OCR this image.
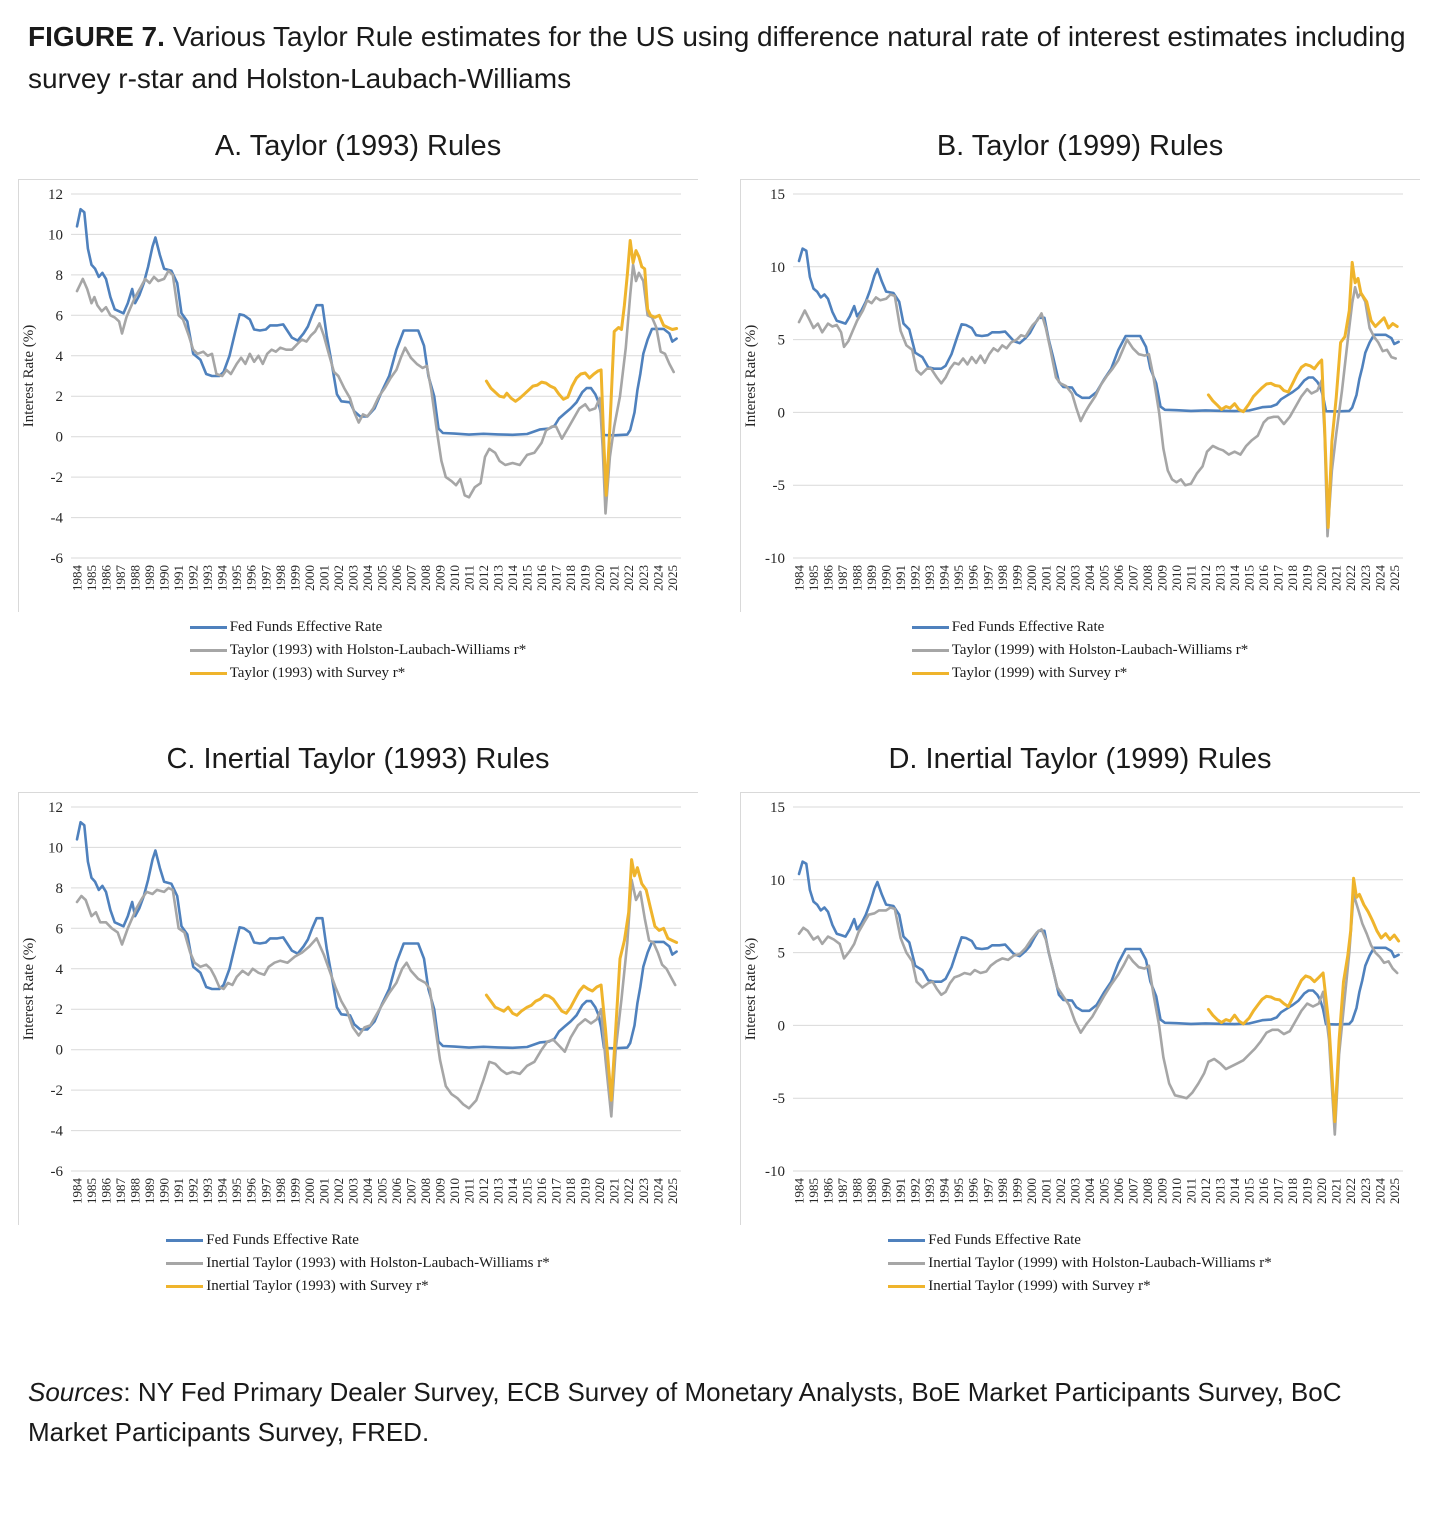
FIGURE 7. Various Taylor Rule estimates for the US using difference natural rate of interest estimates including survey r-star and Holston-Laubach-Williams

A. Taylor (1993) Rules
-6
-4
-2
0
2
4
6
8
10
12
1984 1985 1986 1987 1988 1989 1990 1991 1992 1993 1994 1995 1996 1997 1998 1999 2000 2001 2002 2003 2004 2005 2006 2007 2008 2009 2010 2011 2012 2013 2014 2015 2016 2017 2018 2019 2020 2021 2022 2023 2024 2025
Interest Rate (%)
Fed Funds Effective Rate
Taylor (1993) with Holston-Laubach-Williams r*
Taylor (1993) with Survey r*
B. Taylor (1999) Rules
-10
-5
0
5
10
15
1984 1985 1986 1987 1988 1989 1990 1991 1992 1993 1994 1995 1996 1997 1998 1999 2000 2001 2002 2003 2004 2005 2006 2007 2008 2009 2010 2011 2012 2013 2014 2015 2016 2017 2018 2019 2020 2021 2022 2023 2024 2025
Interest Rate (%)
Fed Funds Effective Rate
Taylor (1999) with Holston-Laubach-Williams r*
Taylor (1999) with Survey r*
C. Inertial Taylor (1993) Rules
-6
-4
-2
0
2
4
6
8
10
12
1984 1985 1986 1987 1988 1989 1990 1991 1992 1993 1994 1995 1996 1997 1998 1999 2000 2001 2002 2003 2004 2005 2006 2007 2008 2009 2010 2011 2012 2013 2014 2015 2016 2017 2018 2019 2020 2021 2022 2023 2024 2025
Interest Rate (%)
Fed Funds Effective Rate
Inertial Taylor (1993) with Holston-Laubach-Williams r*
Inertial Taylor (1993) with Survey r*
D. Inertial Taylor (1999) Rules
-10
-5
0
5
10
15
1984 1985 1986 1987 1988 1989 1990 1991 1992 1993 1994 1995 1996 1997 1998 1999 2000 2001 2002 2003 2004 2005 2006 2007 2008 2009 2010 2011 2012 2013 2014 2015 2016 2017 2018 2019 2020 2021 2022 2023 2024 2025
Interest Rate (%)
Fed Funds Effective Rate
Inertial Taylor (1999) with Holston-Laubach-Williams r*
Inertial Taylor (1999) with Survey r*

Sources: NY Fed Primary Dealer Survey, ECB Survey of Monetary Analysts, BoE Market Participants Survey, BoC Market Participants Survey, FRED.
